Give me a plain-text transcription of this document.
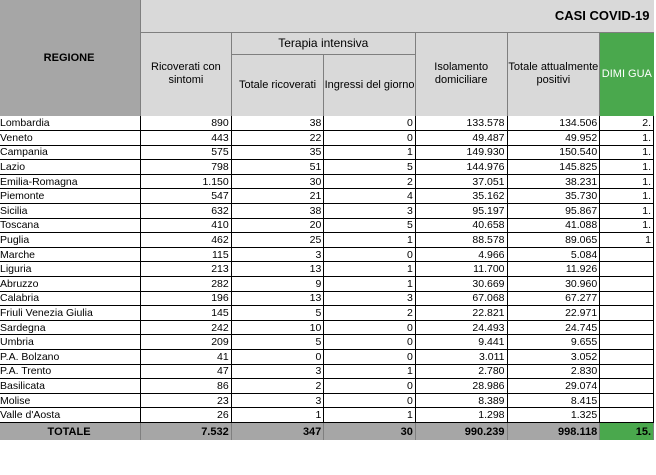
REGIONE	CASI COVID-19					
	Ricoverati con sintomi	Terapia intensiva		Isolamento domiciliare	Totale attualmente positivi	DIMI GUA
		Totale ricoverati	Ingressi del giorno			
Lombardia	890	38	0	133.578	134.506	2.
Veneto	443	22	0	49.487	49.952	1.
Campania	575	35	1	149.930	150.540	1.
Lazio	798	51	5	144.976	145.825	1.
Emilia-Romagna	1.150	30	2	37.051	38.231	1.
Piemonte	547	21	4	35.162	35.730	1.
Sicilia	632	38	3	95.197	95.867	1.
Toscana	410	20	5	40.658	41.088	1.
Puglia	462	25	1	88.578	89.065	1
Marche	115	3	0	4.966	5.084	
Liguria	213	13	1	11.700	11.926	
Abruzzo	282	9	1	30.669	30.960	
Calabria	196	13	3	67.068	67.277	
Friuli Venezia Giulia	145	5	2	22.821	22.971	
Sardegna	242	10	0	24.493	24.745	
Umbria	209	5	0	9.441	9.655	
P.A. Bolzano	41	0	0	3.011	3.052	
P.A. Trento	47	3	1	2.780	2.830	
Basilicata	86	2	0	28.986	29.074	
Molise	23	3	0	8.389	8.415	
Valle d'Aosta	26	1	1	1.298	1.325	
TOTALE	7.532	347	30	990.239	998.118	15.
